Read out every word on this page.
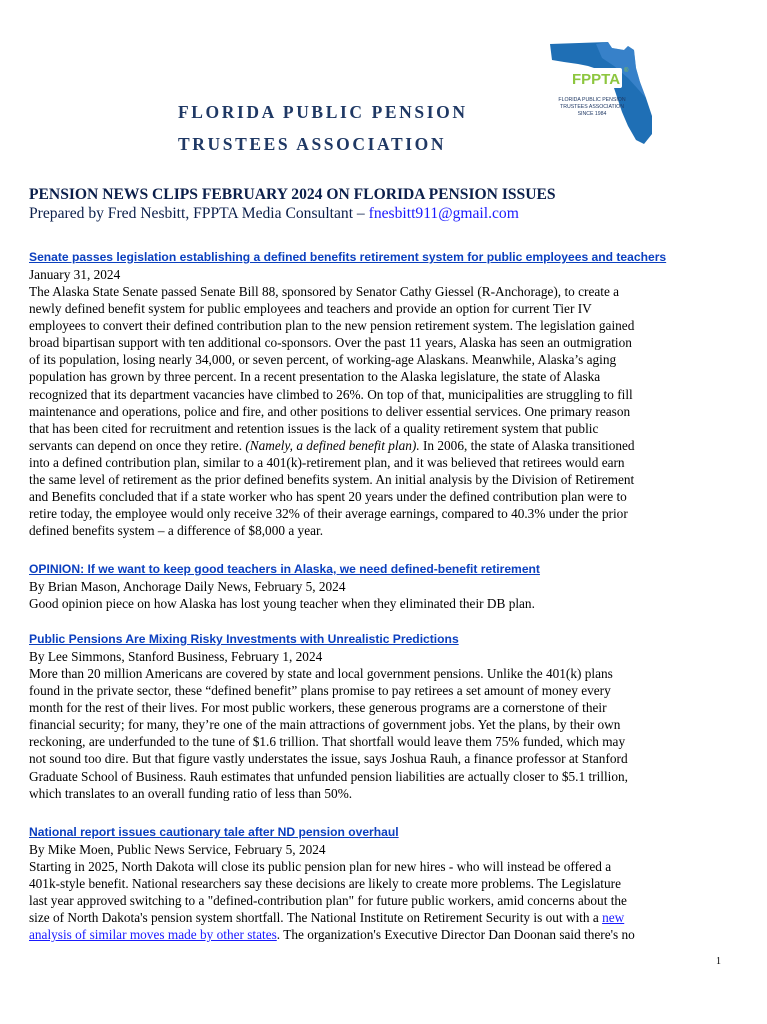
FLORIDA PUBLIC PENSION
TRUSTEES ASSOCIATION
FPPTA ®
FLORIDA PUBLIC PENSION
TRUSTEES ASSOCIATION
SINCE 1984
PENSION NEWS CLIPS FEBRUARY 2024 ON FLORIDA PENSION ISSUES
Prepared by Fred Nesbitt, FPPTA Media Consultant – fnesbitt911@gmail.com
Senate passes legislation establishing a defined benefits retirement system for public employees and teachers
January 31, 2024
The Alaska State Senate passed Senate Bill 88, sponsored by Senator Cathy Giessel (R-Anchorage), to create a
newly defined benefit system for public employees and teachers and provide an option for current Tier IV
employees to convert their defined contribution plan to the new pension retirement system. The legislation gained
broad bipartisan support with ten additional co-sponsors. Over the past 11 years, Alaska has seen an outmigration
of its population, losing nearly 34,000, or seven percent, of working-age Alaskans. Meanwhile, Alaska’s aging
population has grown by three percent. In a recent presentation to the Alaska legislature, the state of Alaska
recognized that its department vacancies have climbed to 26%. On top of that, municipalities are struggling to fill
maintenance and operations, police and fire, and other positions to deliver essential services. One primary reason
that has been cited for recruitment and retention issues is the lack of a quality retirement system that public
servants can depend on once they retire. (Namely, a defined benefit plan). In 2006, the state of Alaska transitioned
into a defined contribution plan, similar to a 401(k)-retirement plan, and it was believed that retirees would earn
the same level of retirement as the prior defined benefits system. An initial analysis by the Division of Retirement
and Benefits concluded that if a state worker who has spent 20 years under the defined contribution plan were to
retire today, the employee would only receive 32% of their average earnings, compared to 40.3% under the prior
defined benefits system – a difference of $8,000 a year.
OPINION: If we want to keep good teachers in Alaska, we need defined-benefit retirement
By Brian Mason, Anchorage Daily News, February 5, 2024
Good opinion piece on how Alaska has lost young teacher when they eliminated their DB plan.
Public Pensions Are Mixing Risky Investments with Unrealistic Predictions
By Lee Simmons, Stanford Business, February 1, 2024
More than 20 million Americans are covered by state and local government pensions. Unlike the 401(k) plans
found in the private sector, these “defined benefit” plans promise to pay retirees a set amount of money every
month for the rest of their lives. For most public workers, these generous programs are a cornerstone of their
financial security; for many, they’re one of the main attractions of government jobs. Yet the plans, by their own
reckoning, are underfunded to the tune of $1.6 trillion. That shortfall would leave them 75% funded, which may
not sound too dire. But that figure vastly understates the issue, says Joshua Rauh, a finance professor at Stanford
Graduate School of Business. Rauh estimates that unfunded pension liabilities are actually closer to $5.1 trillion,
which translates to an overall funding ratio of less than 50%.
National report issues cautionary tale after ND pension overhaul
By Mike Moen, Public News Service, February 5, 2024
Starting in 2025, North Dakota will close its public pension plan for new hires - who will instead be offered a
401k-style benefit. National researchers say these decisions are likely to create more problems. The Legislature
last year approved switching to a "defined-contribution plan" for future public workers, amid concerns about the
size of North Dakota's pension system shortfall. The National Institute on Retirement Security is out with a new
analysis of similar moves made by other states. The organization's Executive Director Dan Doonan said there's no
1
